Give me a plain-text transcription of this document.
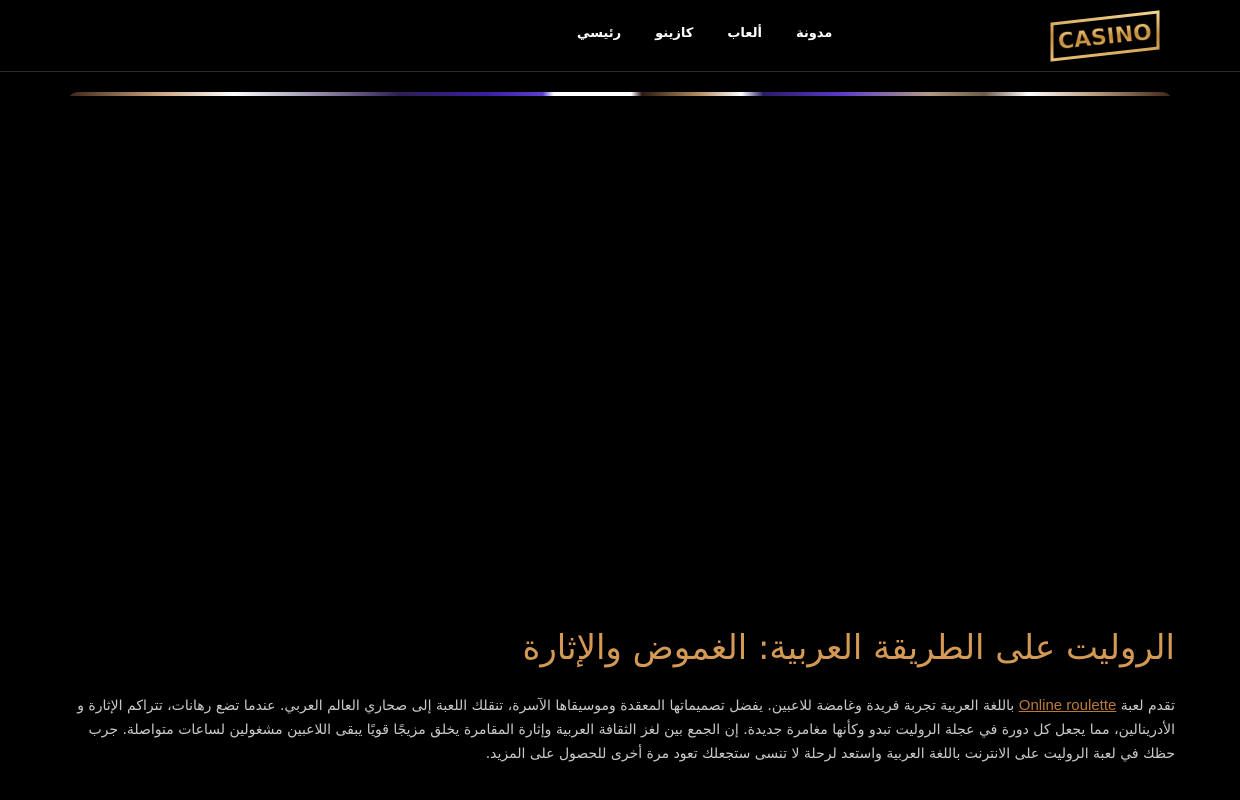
CASINO
مدونة
ألعاب
كازينو
رئيسي
الروليت على الطريقة العربية: الغموض والإثارة

تقدم لعبة Online roulette باللغة العربية تجربة فريدة وغامضة للاعبين. يفضل تصميماتها المعقدة وموسيقاها الآسرة، تنقلك اللعبة إلى صحاري العالم العربي. عندما تضع رهانات، تتراكم الإثارة و الأدرينالين، مما يجعل كل دورة في عجلة الروليت تبدو وكأنها مغامرة جديدة. إن الجمع بين لغز الثقافة العربية وإثارة المقامرة يخلق مزيجًا قويًا يبقى اللاعبين مشغولين لساعات متواصلة. جرب حظك في لعبة الروليت على الانترنت باللغة العربية واستعد لرحلة لا تنسى ستجعلك تعود مرة أخرى للحصول على المزيد.
